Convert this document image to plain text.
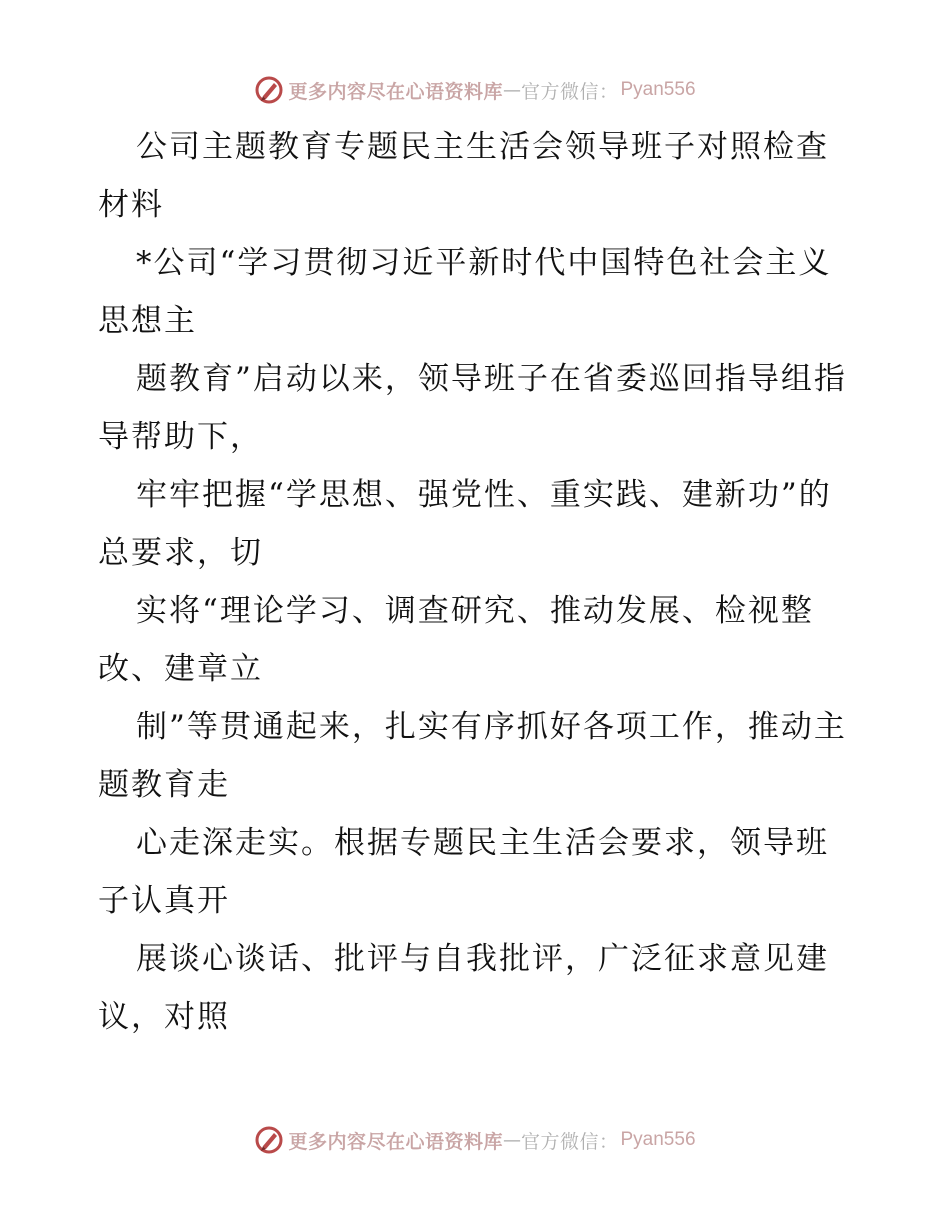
更多内容尽在心语资料库 — 官方微信： Pyan556

公司主题教育专题民主生活会领导班子对照检查材料

*公司“学习贯彻习近平新时代中国特色社会主义思想主

题教育”启动以来，领导班子在省委巡回指导组指导帮助下，

牢牢把握“学思想、强党性、重实践、建新功”的总要求，切

实将“理论学习、调查研究、推动发展、检视整改、建章立

制”等贯通起来，扎实有序抓好各项工作，推动主题教育走

心走深走实。根据专题民主生活会要求，领导班子认真开

展谈心谈话、批评与自我批评，广泛征求意见建议，对照

更多内容尽在心语资料库 — 官方微信： Pyan556
